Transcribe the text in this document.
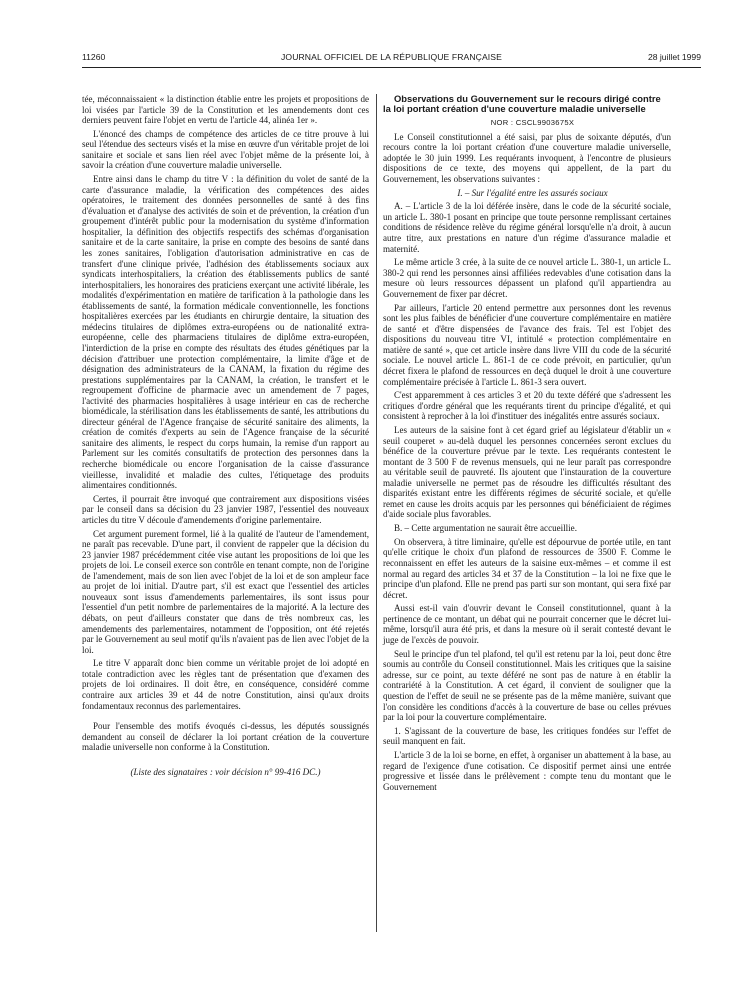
11260	JOURNAL OFFICIEL DE LA RÉPUBLIQUE FRANÇAISE	28 juillet 1999

tée, méconnaissaient « la distinction établie entre les projets et propositions de loi visées par l'article 39 de la Constitution et les amendements dont ces derniers peuvent faire l'objet en vertu de l'article 44, alinéa 1er ».

L'énoncé des champs de compétence des articles de ce titre prouve à lui seul l'étendue des secteurs visés et la mise en œuvre d'un véritable projet de loi sanitaire et sociale et sans lien réel avec l'objet même de la présente loi, à savoir la création d'une couverture maladie universelle.

Entre ainsi dans le champ du titre V : la définition du volet de santé de la carte d'assurance maladie, la vérification des compétences des aides opératoires, le traitement des données personnelles de santé à des fins d'évaluation et d'analyse des activités de soin et de prévention, la création d'un groupement d'intérêt public pour la modernisation du système d'information hospitalier, la définition des objectifs respectifs des schémas d'organisation sanitaire et de la carte sanitaire, la prise en compte des besoins de santé dans les zones sanitaires, l'obligation d'autorisation administrative en cas de transfert d'une clinique privée, l'adhésion des établissements sociaux aux syndicats interhospitaliers, la création des établissements publics de santé interhospitaliers, les honoraires des praticiens exerçant une activité libérale, les modalités d'expérimentation en matière de tarification à la pathologie dans les établissements de santé, la formation médicale conventionnelle, les fonctions hospitalières exercées par les étudiants en chirurgie dentaire, la situation des médecins titulaires de diplômes extra-européens ou de nationalité extra-européenne, celle des pharmaciens titulaires de diplôme extra-européen, l'interdiction de la prise en compte des résultats des études génétiques par la décision d'attribuer une protection complémentaire, la limite d'âge et de désignation des administrateurs de la CANAM, la fixation du régime des prestations supplémentaires par la CANAM, la création, le transfert et le regroupement d'officine de pharmacie avec un amendement de 7 pages, l'activité des pharmacies hospitalières à usage intérieur en cas de recherche biomédicale, la stérilisation dans les établissements de santé, les attributions du directeur général de l'Agence française de sécurité sanitaire des aliments, la création de comités d'experts au sein de l'Agence française de la sécurité sanitaire des aliments, le respect du corps humain, la remise d'un rapport au Parlement sur les comités consultatifs de protection des personnes dans la recherche biomédicale ou encore l'organisation de la caisse d'assurance vieillesse, invalidité et maladie des cultes, l'étiquetage des produits alimentaires conditionnés.

Certes, il pourrait être invoqué que contrairement aux dispositions visées par le conseil dans sa décision du 23 janvier 1987, l'essentiel des nouveaux articles du titre V découle d'amendements d'origine parlementaire.

Cet argument purement formel, lié à la qualité de l'auteur de l'amendement, ne paraît pas recevable. D'une part, il convient de rappeler que la décision du 23 janvier 1987 précédemment citée vise autant les propositions de loi que les projets de loi. Le conseil exerce son contrôle en tenant compte, non de l'origine de l'amendement, mais de son lien avec l'objet de la loi et de son ampleur face au projet de loi initial. D'autre part, s'il est exact que l'essentiel des articles nouveaux sont issus d'amendements parlementaires, ils sont issus pour l'essentiel d'un petit nombre de parlementaires de la majorité. A la lecture des débats, on peut d'ailleurs constater que dans de très nombreux cas, les amendements des parlementaires, notamment de l'opposition, ont été rejetés par le Gouvernement au seul motif qu'ils n'avaient pas de lien avec l'objet de la loi.

Le titre V apparaît donc bien comme un véritable projet de loi adopté en totale contradiction avec les règles tant de présentation que d'examen des projets de loi ordinaires. Il doit être, en conséquence, considéré comme contraire aux articles 39 et 44 de notre Constitution, ainsi qu'aux droits fondamentaux reconnus des parlementaires.

Pour l'ensemble des motifs évoqués ci-dessus, les députés soussignés demandent au conseil de déclarer la loi portant création de la couverture maladie universelle non conforme à la Constitution.

(Liste des signataires : voir décision n° 99-416 DC.)

Observations du Gouvernement sur le recours dirigé contre la loi portant création d'une couverture maladie universelle

NOR : CSCL9903675X

Le Conseil constitutionnel a été saisi, par plus de soixante députés, d'un recours contre la loi portant création d'une couverture maladie universelle, adoptée le 30 juin 1999. Les requérants invoquent, à l'encontre de plusieurs dispositions de ce texte, des moyens qui appellent, de la part du Gouvernement, les observations suivantes :

I. – Sur l'égalité entre les assurés sociaux

A. – L'article 3 de la loi déférée insère, dans le code de la sécurité sociale, un article L. 380-1 posant en principe que toute personne remplissant certaines conditions de résidence relève du régime général lorsqu'elle n'a droit, à aucun autre titre, aux prestations en nature d'un régime d'assurance maladie et maternité.

Le même article 3 crée, à la suite de ce nouvel article L. 380-1, un article L. 380-2 qui rend les personnes ainsi affiliées redevables d'une cotisation dans la mesure où leurs ressources dépassent un plafond qu'il appartiendra au Gouvernement de fixer par décret.

Par ailleurs, l'article 20 entend permettre aux personnes dont les revenus sont les plus faibles de bénéficier d'une couverture complémentaire en matière de santé et d'être dispensées de l'avance des frais. Tel est l'objet des dispositions du nouveau titre VI, intitulé « protection complémentaire en matière de santé », que cet article insère dans livre VIII du code de la sécurité sociale. Le nouvel article L. 861-1 de ce code prévoit, en particulier, qu'un décret fixera le plafond de ressources en deçà duquel le droit à une couverture complémentaire précisée à l'article L. 861-3 sera ouvert.

C'est apparemment à ces articles 3 et 20 du texte déféré que s'adressent les critiques d'ordre général que les requérants tirent du principe d'égalité, et qui consistent à reprocher à la loi d'instituer des inégalités entre assurés sociaux.

Les auteurs de la saisine font à cet égard grief au législateur d'établir un « seuil couperet » au-delà duquel les personnes concernées seront exclues du bénéfice de la couverture prévue par le texte. Les requérants contestent le montant de 3 500 F de revenus mensuels, qui ne leur paraît pas correspondre au véritable seuil de pauvreté. Ils ajoutent que l'instauration de la couverture maladie universelle ne permet pas de résoudre les difficultés résultant des disparités existant entre les différents régimes de sécurité sociale, et qu'elle remet en cause les droits acquis par les personnes qui bénéficiaient de régimes d'aide sociale plus favorables.

B. – Cette argumentation ne saurait être accueillie.

On observera, à titre liminaire, qu'elle est dépourvue de portée utile, en tant qu'elle critique le choix d'un plafond de ressources de 3500 F. Comme le reconnaissent en effet les auteurs de la saisine eux-mêmes – et comme il est normal au regard des articles 34 et 37 de la Constitution – la loi ne fixe que le principe d'un plafond. Elle ne prend pas parti sur son montant, qui sera fixé par décret.

Aussi est-il vain d'ouvrir devant le Conseil constitutionnel, quant à la pertinence de ce montant, un débat qui ne pourrait concerner que le décret lui-même, lorsqu'il aura été pris, et dans la mesure où il serait contesté devant le juge de l'excès de pouvoir.

Seul le principe d'un tel plafond, tel qu'il est retenu par la loi, peut donc être soumis au contrôle du Conseil constitutionnel. Mais les critiques que la saisine adresse, sur ce point, au texte déféré ne sont pas de nature à en établir la contrariété à la Constitution. A cet égard, il convient de souligner que la question de l'effet de seuil ne se présente pas de la même manière, suivant que l'on considère les conditions d'accès à la couverture de base ou celles prévues par la loi pour la couverture complémentaire.

1. S'agissant de la couverture de base, les critiques fondées sur l'effet de seuil manquent en fait.

L'article 3 de la loi se borne, en effet, à organiser un abattement à la base, au regard de l'exigence d'une cotisation. Ce dispositif permet ainsi une entrée progressive et lissée dans le prélèvement : compte tenu du montant que le Gouvernement
